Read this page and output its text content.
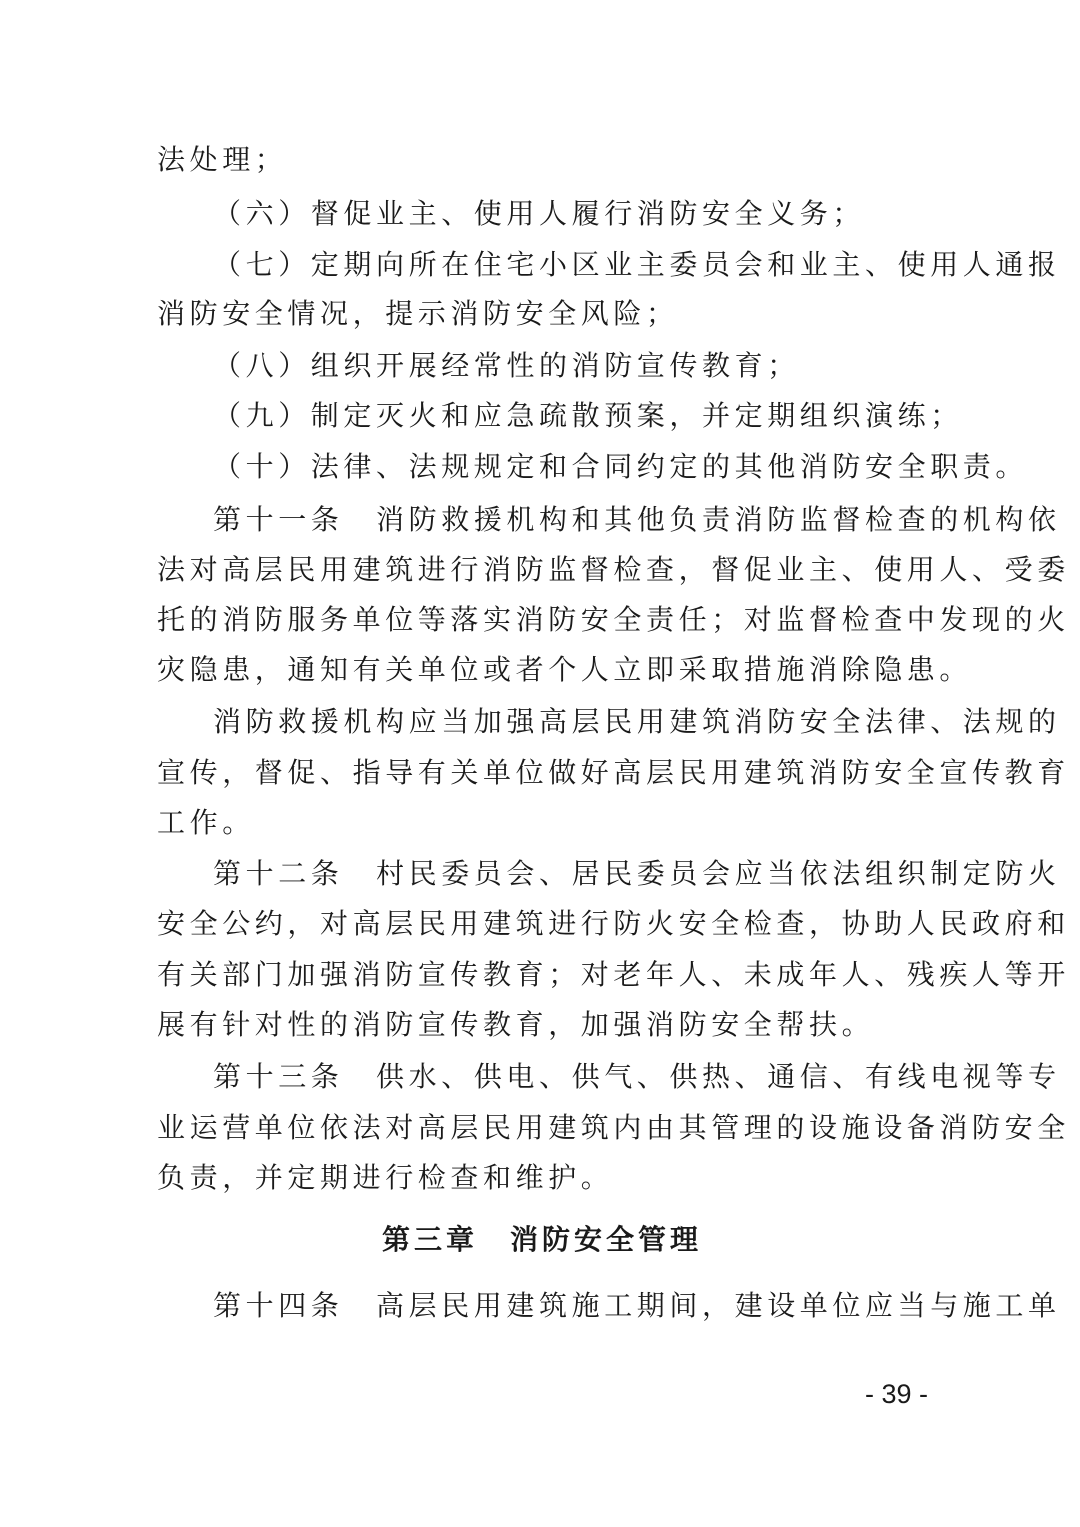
法处理；
（六）督促业主、使用人履行消防安全义务；
（七）定期向所在住宅小区业主委员会和业主、使用人通报
消防安全情况，提示消防安全风险；
（八）组织开展经常性的消防宣传教育；
（九）制定灭火和应急疏散预案，并定期组织演练；
（十）法律、法规规定和合同约定的其他消防安全职责。
第十一条　消防救援机构和其他负责消防监督检查的机构依
法对高层民用建筑进行消防监督检查，督促业主、使用人、受委
托的消防服务单位等落实消防安全责任；对监督检查中发现的火
灾隐患，通知有关单位或者个人立即采取措施消除隐患。
消防救援机构应当加强高层民用建筑消防安全法律、法规的
宣传，督促、指导有关单位做好高层民用建筑消防安全宣传教育
工作。
第十二条　村民委员会、居民委员会应当依法组织制定防火
安全公约，对高层民用建筑进行防火安全检查，协助人民政府和
有关部门加强消防宣传教育；对老年人、未成年人、残疾人等开
展有针对性的消防宣传教育，加强消防安全帮扶。
第十三条　供水、供电、供气、供热、通信、有线电视等专
业运营单位依法对高层民用建筑内由其管理的设施设备消防安全
负责，并定期进行检查和维护。
第三章　消防安全管理
第十四条　高层民用建筑施工期间，建设单位应当与施工单
- 39 -
